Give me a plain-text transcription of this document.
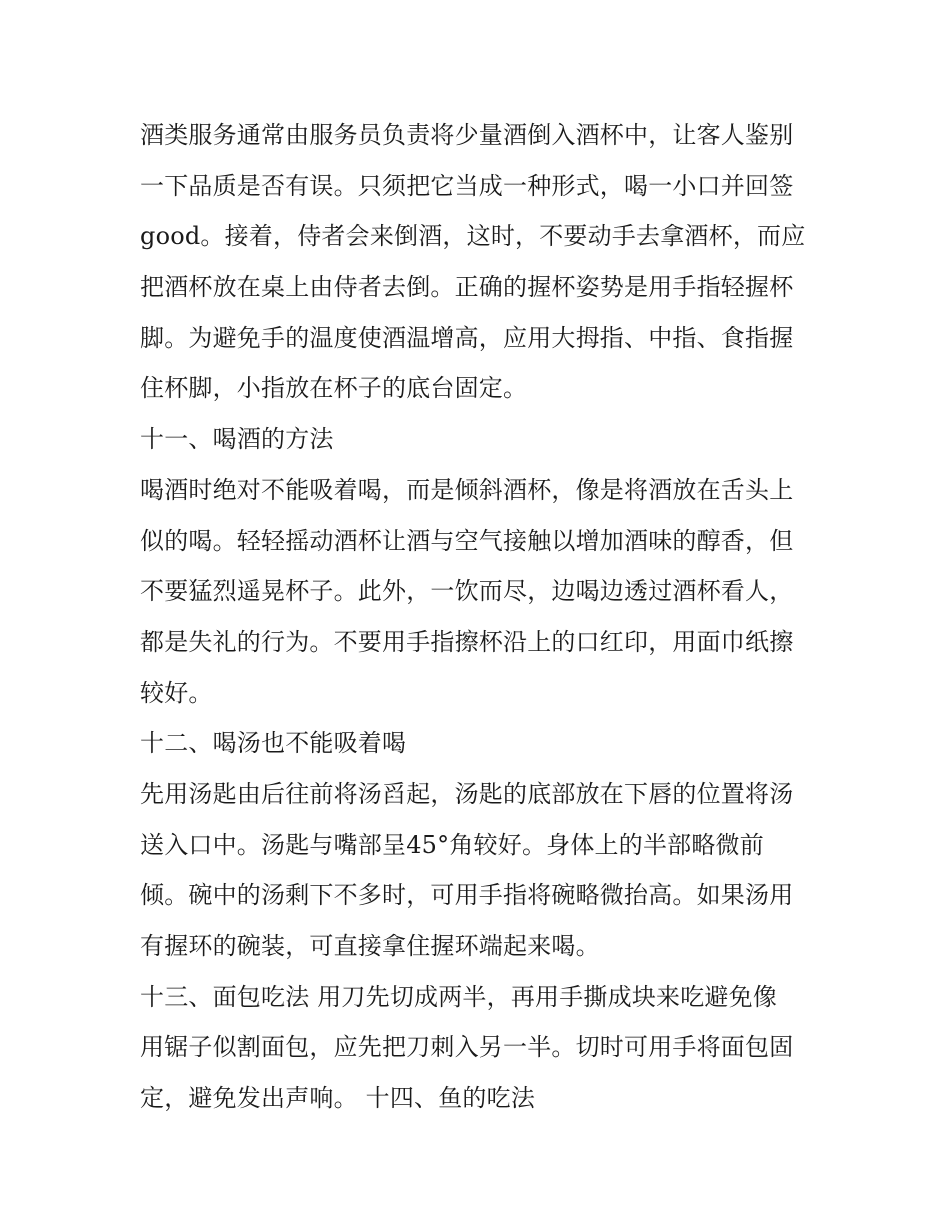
酒类服务通常由服务员负责将少量酒倒入酒杯中，让客人鉴别
一下品质是否有误。只须把它当成一种形式，喝一小口并回签
good。接着，侍者会来倒酒，这时，不要动手去拿酒杯，而应
把酒杯放在桌上由侍者去倒。正确的握杯姿势是用手指轻握杯
脚。为避免手的温度使酒温增高，应用大拇指、中指、食指握
住杯脚，小指放在杯子的底台固定。
十一、喝酒的方法
喝酒时绝对不能吸着喝，而是倾斜酒杯，像是将酒放在舌头上
似的喝。轻轻摇动酒杯让酒与空气接触以增加酒味的醇香，但
不要猛烈遥晃杯子。此外，一饮而尽，边喝边透过酒杯看人，
都是失礼的行为。不要用手指擦杯沿上的口红印，用面巾纸擦
较好。
十二、喝汤也不能吸着喝
先用汤匙由后往前将汤舀起，汤匙的底部放在下唇的位置将汤
送入口中。汤匙与嘴部呈45°角较好。身体上的半部略微前
倾。碗中的汤剩下不多时，可用手指将碗略微抬高。如果汤用
有握环的碗装，可直接拿住握环端起来喝。
十三、面包吃法 用刀先切成两半，再用手撕成块来吃避免像
用锯子似割面包，应先把刀刺入另一半。切时可用手将面包固
定，避免发出声响。 十四、鱼的吃法
